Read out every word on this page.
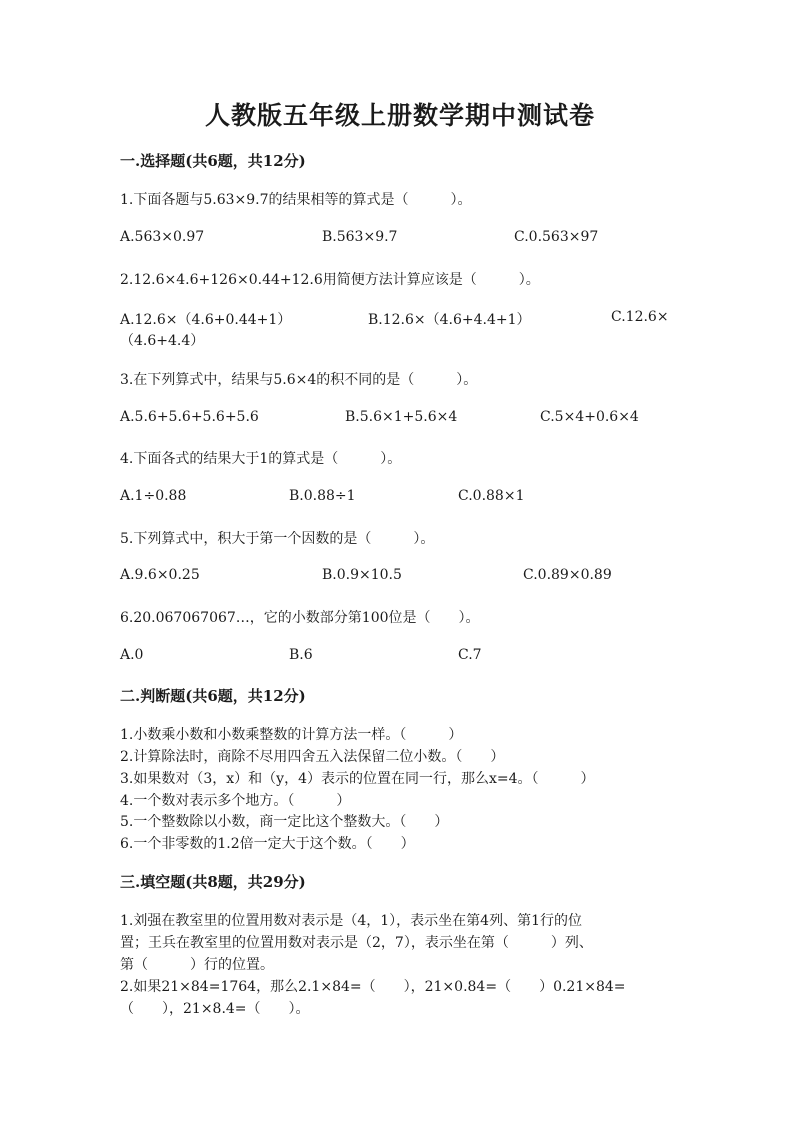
人教版五年级上册数学期中测试卷
一.选择题(共6题，共12分)
1.下面各题与5.63×9.7的结果相等的算式是（　　　）。
A.563×0.97	B.563×9.7	C.0.563×97
2.12.6×4.6+126×0.44+12.6用简便方法计算应该是（　　　）。
A.12.6×（4.6+0.44+1）	B.12.6×（4.6+4.4+1）	C.12.6×
（4.6+4.4）
3.在下列算式中，结果与5.6×4的积不同的是（　　　）。
A.5.6+5.6+5.6+5.6	B.5.6×1+5.6×4	C.5×4+0.6×4
4.下面各式的结果大于1的算式是（　　　）。
A.1÷0.88	B.0.88÷1	C.0.88×1
5.下列算式中，积大于第一个因数的是（　　　）。
A.9.6×0.25	B.0.9×10.5	C.0.89×0.89
6.20.067067067…，它的小数部分第100位是（　　）。
A.0	B.6	C.7
二.判断题(共6题，共12分)
1.小数乘小数和小数乘整数的计算方法一样。（　　　）
2.计算除法时，商除不尽用四舍五入法保留二位小数。（　　）
3.如果数对（3，x）和（y，4）表示的位置在同一行，那么x=4。（　　　）
4.一个数对表示多个地方。（　　　）
5.一个整数除以小数，商一定比这个整数大。（　　）
6.一个非零数的1.2倍一定大于这个数。（　　）
三.填空题(共8题，共29分)
1.刘强在教室里的位置用数对表示是（4，1），表示坐在第4列、第1行的位
置；王兵在教室里的位置用数对表示是（2，7），表示坐在第（　　　）列、
第（　　　）行的位置。
2.如果21×84=1764，那么2.1×84=（　　），21×0.84=（　　）0.21×84=
（　　），21×8.4=（　　）。
